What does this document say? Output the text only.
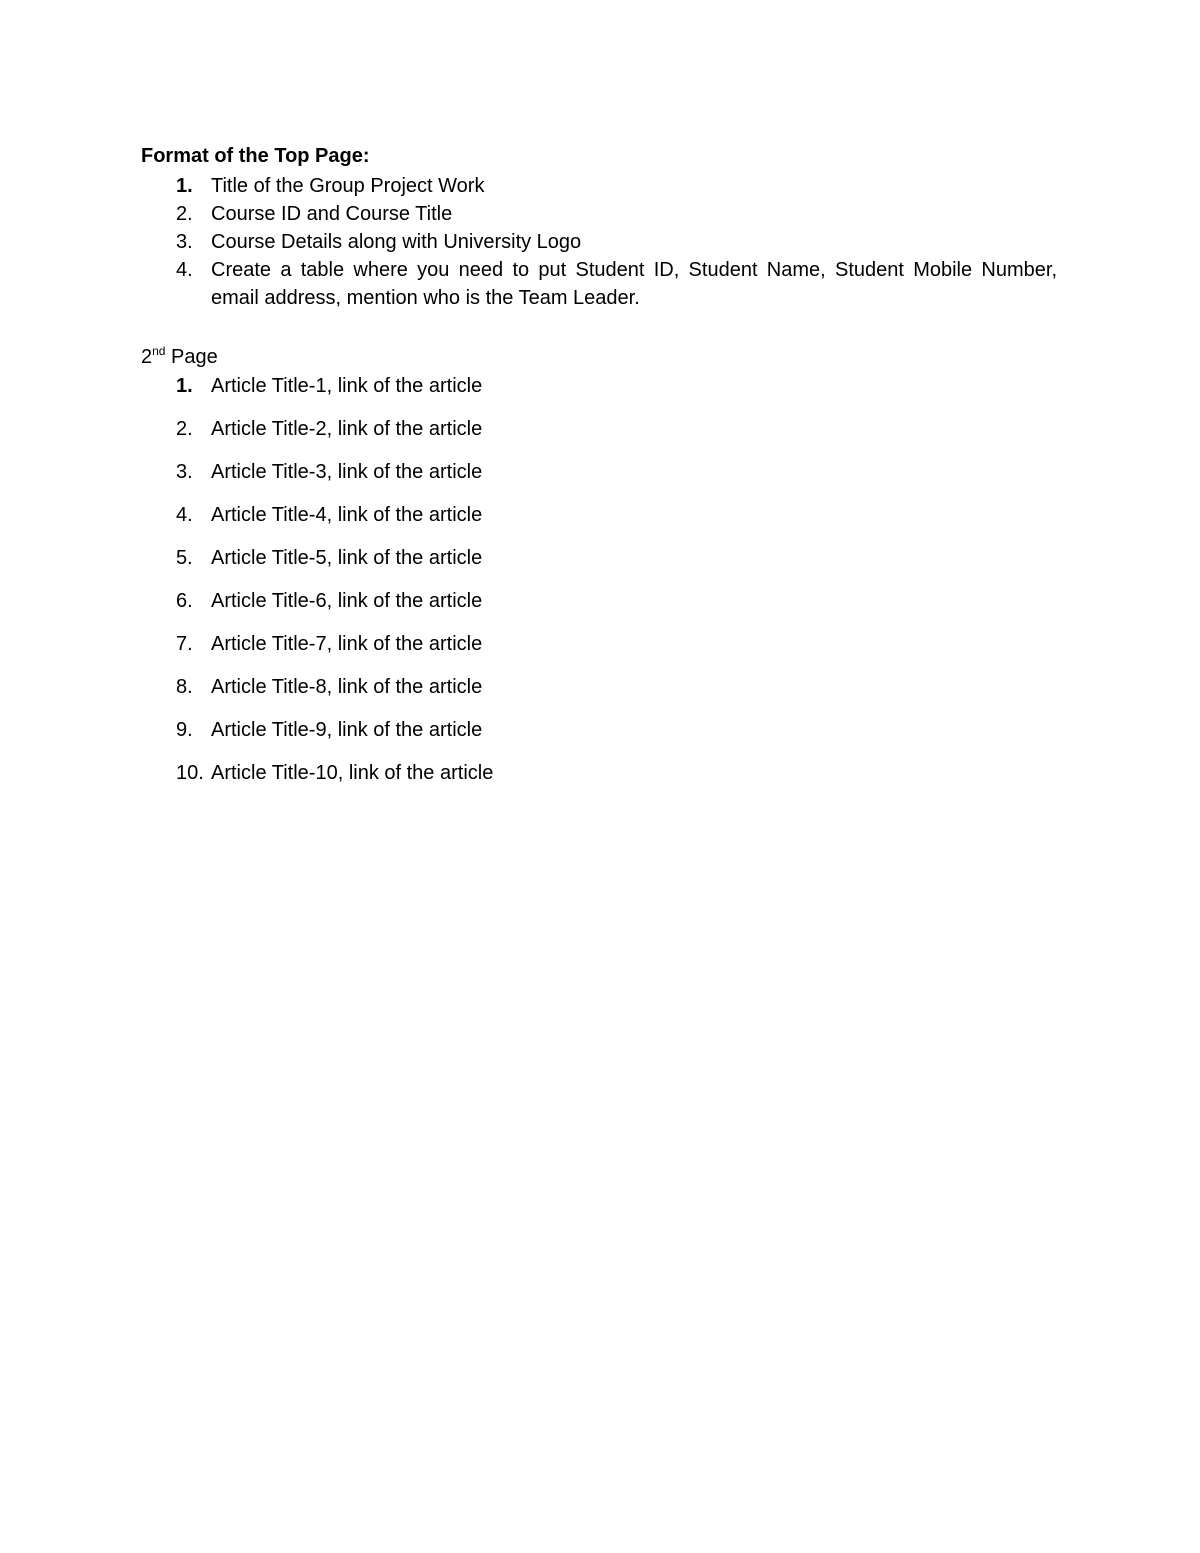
Format of the Top Page:

1. Title of the Group Project Work
2. Course ID and Course Title
3. Course Details along with University Logo
4. Create a table where you need to put Student ID, Student Name, Student Mobile Number, email address, mention who is the Team Leader.

2nd Page

1. Article Title-1, link of the article
2. Article Title-2, link of the article
3. Article Title-3, link of the article
4. Article Title-4, link of the article
5. Article Title-5, link of the article
6. Article Title-6, link of the article
7. Article Title-7, link of the article
8. Article Title-8, link of the article
9. Article Title-9, link of the article
10. Article Title-10, link of the article
